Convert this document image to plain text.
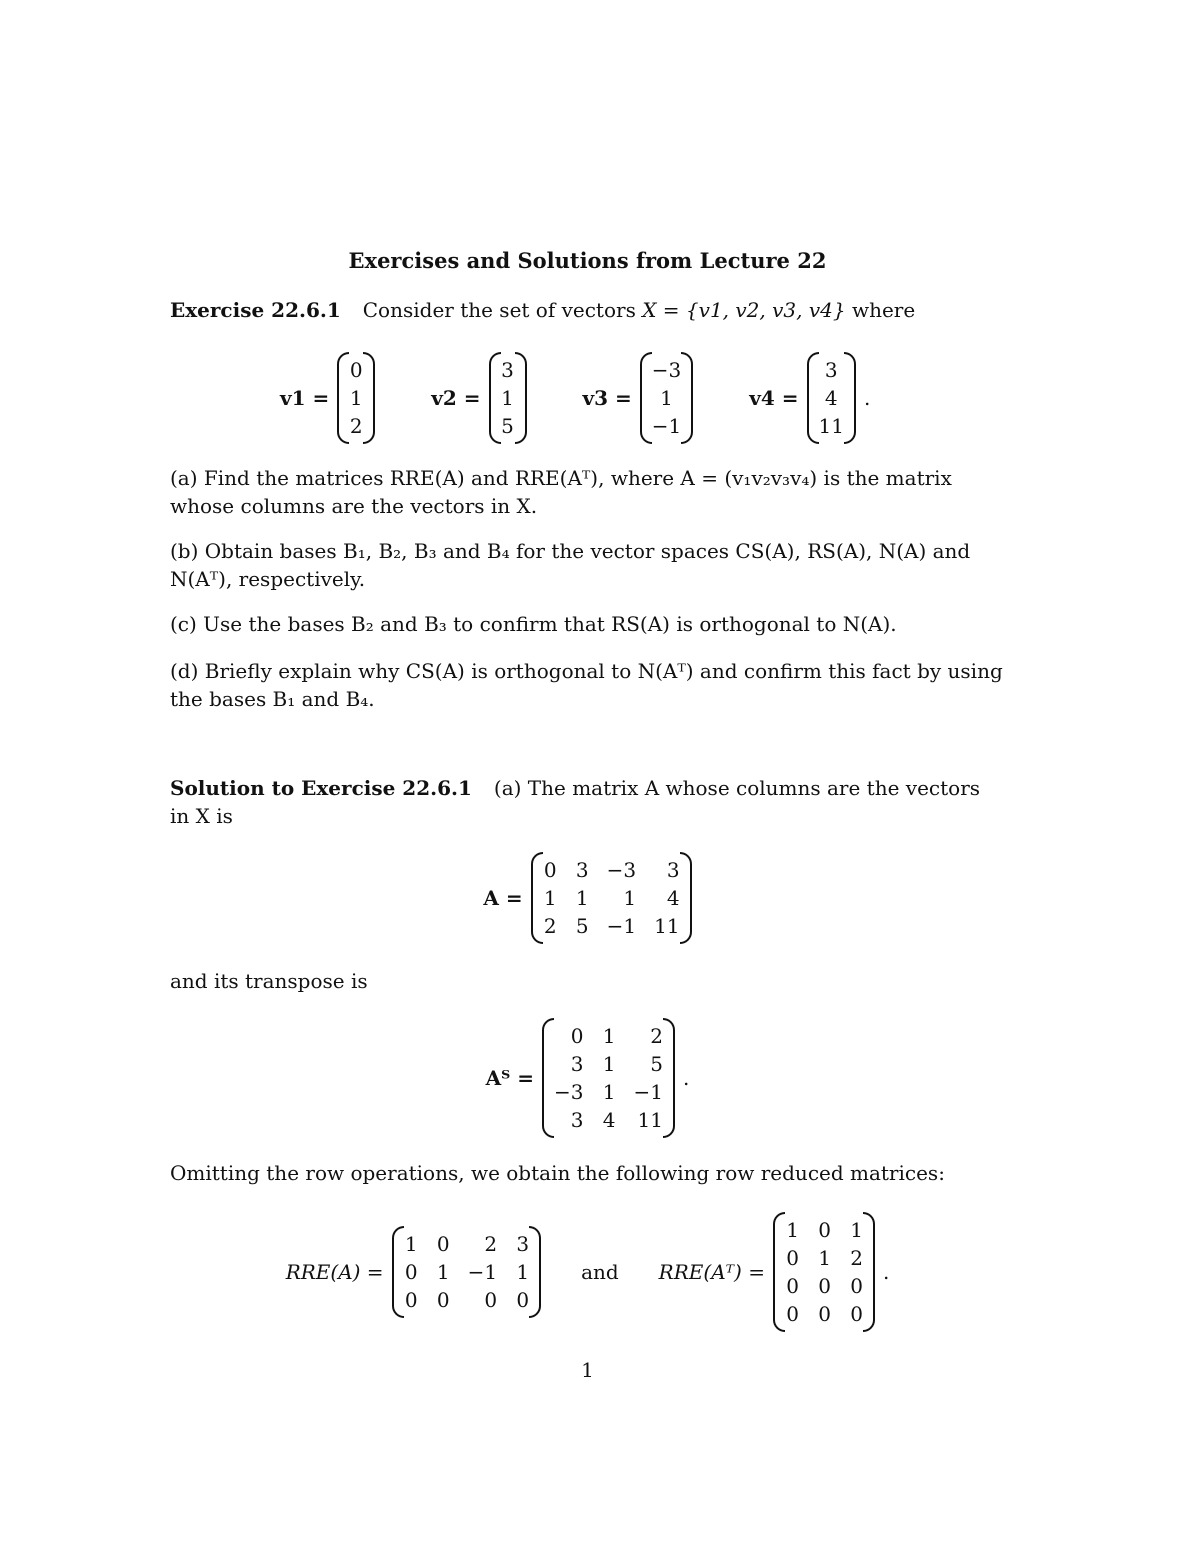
Exercises and Solutions from Lecture 22
Exercise 22.6.1 Consider the set of vectors X = {v1, v2, v3, v4} where
v1 =
0
1
2
v2 =
3
1
5
v3 =
−3
1
−1
v4 =
3
4
11
.
(a) Find the matrices RRE(A) and RRE(Aᵀ), where A = (v₁v₂v₃v₄) is the matrix whose columns are the vectors in X.
(b) Obtain bases B₁, B₂, B₃ and B₄ for the vector spaces CS(A), RS(A), N(A) and N(Aᵀ), respectively.
(c) Use the bases B₂ and B₃ to confirm that RS(A) is orthogonal to N(A).
(d) Briefly explain why CS(A) is orthogonal to N(Aᵀ) and confirm this fact by using the bases B₁ and B₄.
Solution to Exercise 22.6.1 (a) The matrix A whose columns are the vectors in X is
A =
0 3 −3	3
1 1	1	4
2 5 −1 11
and its transpose is
Aᵀ =
0 1	2
3 1	5
−3 1 −1
3 4 11
.
Omitting the row operations, we obtain the following row reduced matrices:
RRE(A) =
1 0	2 3
0 1 −1 1
0 0	0 0
and RRE(Aᵀ) =
1 0 1
0 1 2
0 0 0
0 0 0
.
1
